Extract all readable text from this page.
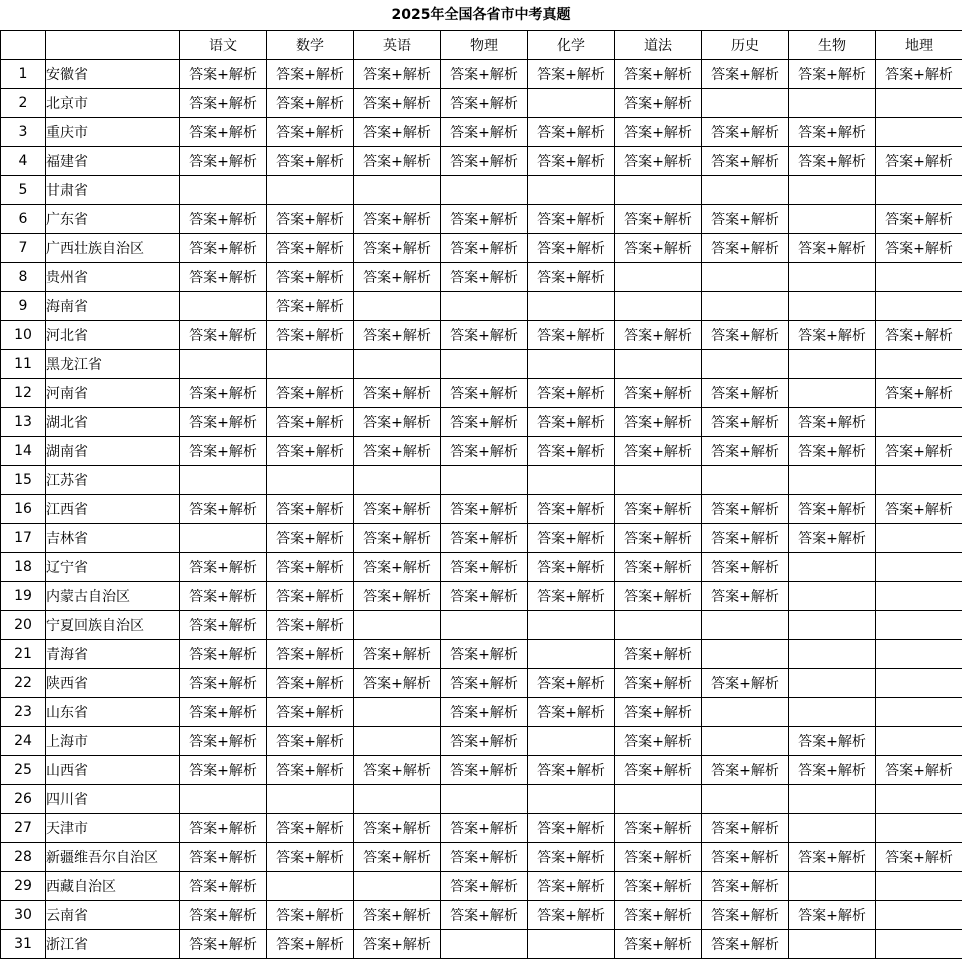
2025年全国各省市中考真题
		语文	数学	英语	物理	化学	道法	历史	生物	地理
1	安徽省	答案+解析	答案+解析	答案+解析	答案+解析	答案+解析	答案+解析	答案+解析	答案+解析	答案+解析
2	北京市	答案+解析	答案+解析	答案+解析	答案+解析		答案+解析			
3	重庆市	答案+解析	答案+解析	答案+解析	答案+解析	答案+解析	答案+解析	答案+解析	答案+解析	
4	福建省	答案+解析	答案+解析	答案+解析	答案+解析	答案+解析	答案+解析	答案+解析	答案+解析	答案+解析
5	甘肃省									
6	广东省	答案+解析	答案+解析	答案+解析	答案+解析	答案+解析	答案+解析	答案+解析		答案+解析
7	广西壮族自治区	答案+解析	答案+解析	答案+解析	答案+解析	答案+解析	答案+解析	答案+解析	答案+解析	答案+解析
8	贵州省	答案+解析	答案+解析	答案+解析	答案+解析	答案+解析				
9	海南省		答案+解析							
10	河北省	答案+解析	答案+解析	答案+解析	答案+解析	答案+解析	答案+解析	答案+解析	答案+解析	答案+解析
11	黑龙江省									
12	河南省	答案+解析	答案+解析	答案+解析	答案+解析	答案+解析	答案+解析	答案+解析		答案+解析
13	湖北省	答案+解析	答案+解析	答案+解析	答案+解析	答案+解析	答案+解析	答案+解析	答案+解析	
14	湖南省	答案+解析	答案+解析	答案+解析	答案+解析	答案+解析	答案+解析	答案+解析	答案+解析	答案+解析
15	江苏省									
16	江西省	答案+解析	答案+解析	答案+解析	答案+解析	答案+解析	答案+解析	答案+解析	答案+解析	答案+解析
17	吉林省		答案+解析	答案+解析	答案+解析	答案+解析	答案+解析	答案+解析	答案+解析	
18	辽宁省	答案+解析	答案+解析	答案+解析	答案+解析	答案+解析	答案+解析	答案+解析		
19	内蒙古自治区	答案+解析	答案+解析	答案+解析	答案+解析	答案+解析	答案+解析	答案+解析		
20	宁夏回族自治区	答案+解析	答案+解析							
21	青海省	答案+解析	答案+解析	答案+解析	答案+解析		答案+解析			
22	陕西省	答案+解析	答案+解析	答案+解析	答案+解析	答案+解析	答案+解析	答案+解析		
23	山东省	答案+解析	答案+解析		答案+解析	答案+解析	答案+解析			
24	上海市	答案+解析	答案+解析		答案+解析		答案+解析		答案+解析	
25	山西省	答案+解析	答案+解析	答案+解析	答案+解析	答案+解析	答案+解析	答案+解析	答案+解析	答案+解析
26	四川省									
27	天津市	答案+解析	答案+解析	答案+解析	答案+解析	答案+解析	答案+解析	答案+解析		
28	新疆维吾尔自治区	答案+解析	答案+解析	答案+解析	答案+解析	答案+解析	答案+解析	答案+解析	答案+解析	答案+解析
29	西藏自治区	答案+解析			答案+解析	答案+解析	答案+解析	答案+解析		
30	云南省	答案+解析	答案+解析	答案+解析	答案+解析	答案+解析	答案+解析	答案+解析	答案+解析	
31	浙江省	答案+解析	答案+解析	答案+解析			答案+解析	答案+解析		
